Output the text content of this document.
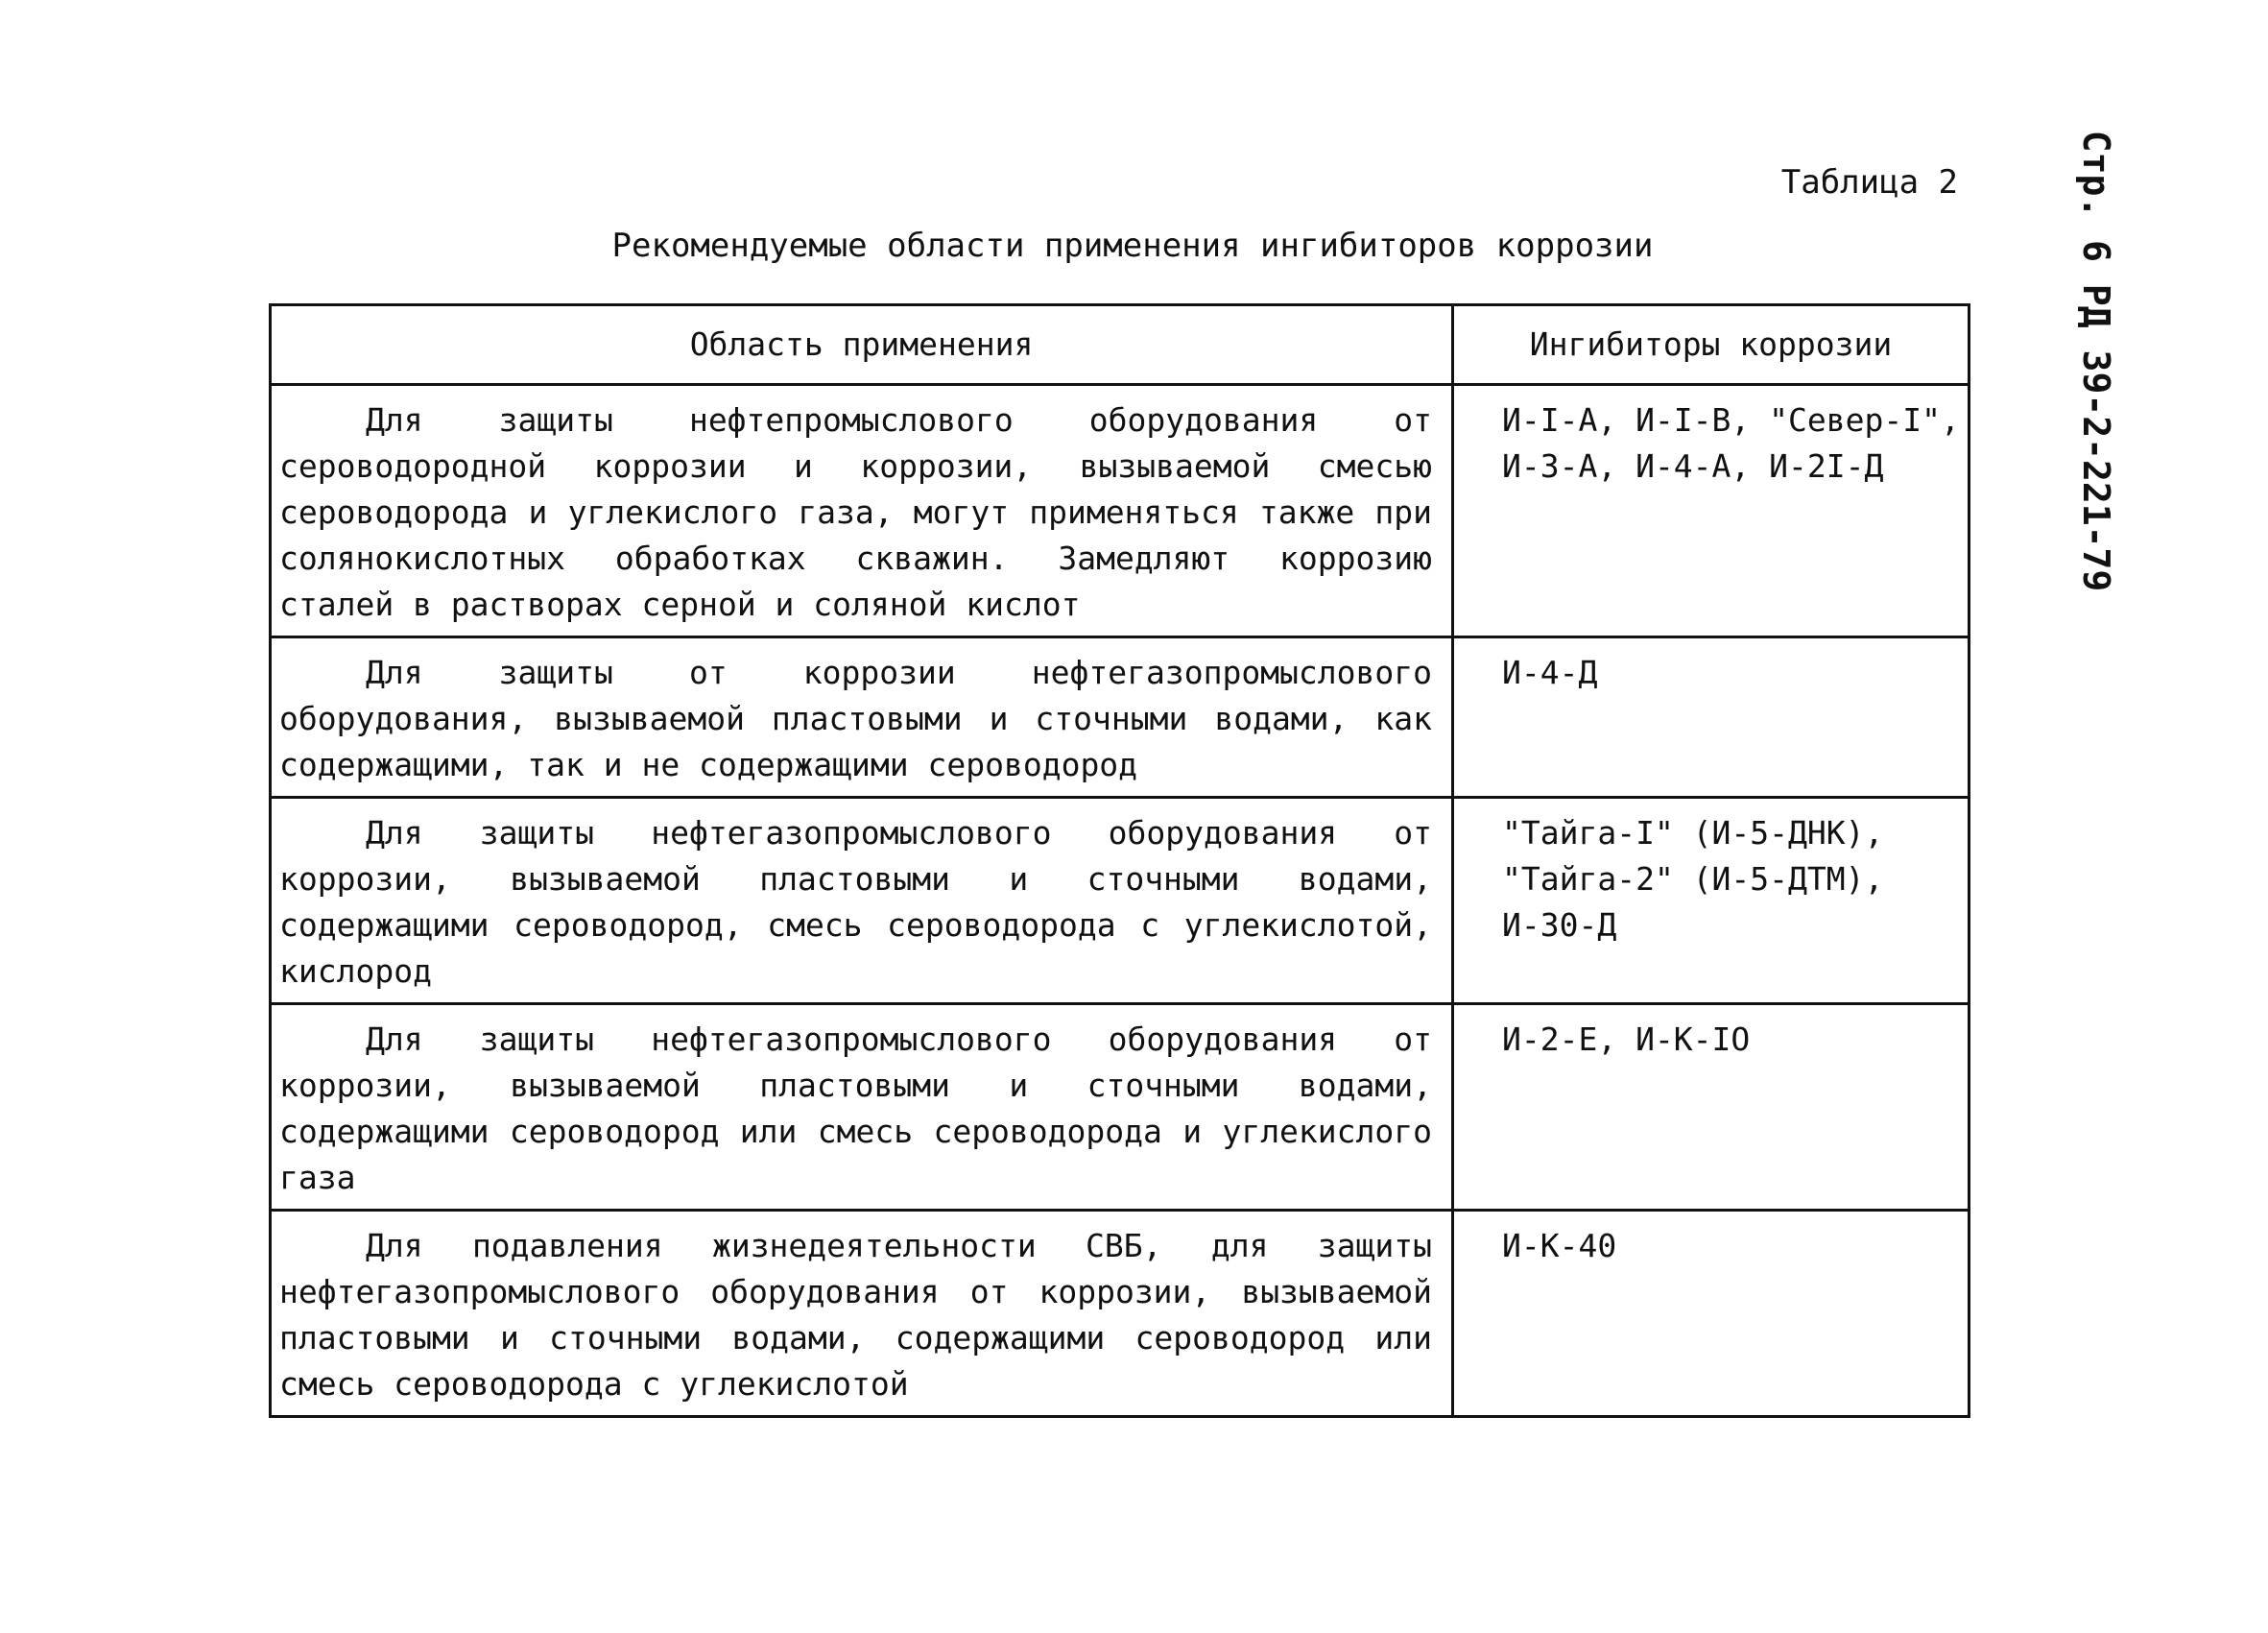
Таблица 2
Рекомендуемые области применения ингибиторов коррозии	Стр. 6 РД 39-2-221-79
Область применения	Ингибиторы коррозии
Для защиты нефтепромыслового оборудования от сероводородной коррозии и коррозии, вызываемой смесью сероводорода и углекислого газа, могут применяться также при солянокислотных обработках скважин. Замедляют коррозию сталей в растворах серной и соляной кислот	И-I-А, И-I-В, "Север-I",
И-3-А, И-4-А, И-2I-Д

Для защиты от коррозии нефтегазопромыслового оборудования, вызываемой пластовыми и сточными водами, как содержащими, так и не содержащими сероводород	И-4-Д

Для защиты нефтегазопромыслового оборудования от коррозии, вызываемой пластовыми и сточными водами, содержащими сероводород, смесь сероводорода с углекислотой, кислород	"Тайга-I" (И-5-ДНК),
"Тайга-2" (И-5-ДТМ),
И-30-Д

Для защиты нефтегазопромыслового оборудования от коррозии, вызываемой пластовыми и сточными водами, содержащими сероводород или смесь сероводорода и углекислого газа	И-2-Е, И-К-IO

Для подавления жизнедеятельности СВБ, для защиты нефтегазопромыслового оборудования от коррозии, вызываемой пластовыми и сточными водами, содержащими сероводород или смесь сероводорода с углекислотой	И-К-40
